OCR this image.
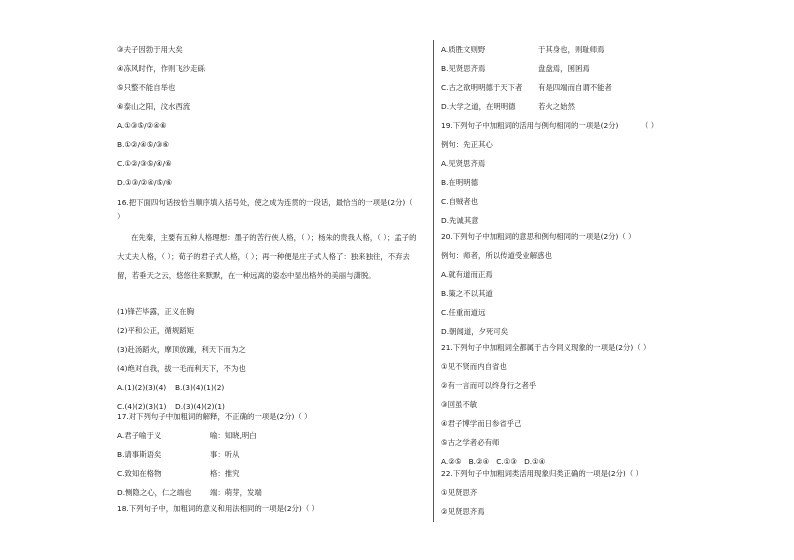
③夫子因勃于用大矣
④冻风时作，作则飞沙走砾
⑤只整不能自举也
⑥泰山之阳，汶水西流
A.①③⑤/②④⑥
B.①②/④⑤/③⑥
C.①②/③⑤/④/⑥
D.①③/②④/⑤/⑥
16.把下面四句话按恰当顺序填入括号处，使之成为连贯的一段话，最恰当的一项是(2分)（ ）
在先秦，主要有五种人格理想：墨子的苦行侠人格，（ ）；杨朱的贵我人格，（ ）；孟子的大丈夫人格，（ ）；荀子的君子式人格，（ ）；再一种便是庄子式人格了：独来独往，不弃去留，若垂天之云，悠悠往来默默，在一种远离的姿态中显出格外的美丽与潇脱。
(1)锋芒毕露，正义在胸
(2)平和公正，循规蹈矩
(3)赴汤蹈火，摩顶放踵，利天下而为之
(4)绝对自我，拔一毛而利天下，不为也
A.(1)(2)(3)(4) B.(3)(4)(1)(2)
C.(4)(2)(3)(1) D.(3)(4)(2)(1)
17.对下列句子中加粗词的解释，不正确的一项是(2分)（ ）
A.君子喻于义	喻：知晓,明白
B.请事斯语矣	事：听从
C.致知在格物	格：推究
D.恻隐之心，仁之端也 端：萌芽，发端
18.下列句子中，加粗词的意义和用法相同的一项是(2分)（ ）
A.质胜文则野	于其身也，则耻师焉
B.见贤思齐焉	盘盘焉，囷囷焉
C.古之欲明明德于天下者 有是四端而自谓不能者
D.大学之道，在明明德	若火之始然
19.下列句子中加粗词的活用与例句相同的一项是(2分)	（ ）
例句：先正其心
A.见贤思齐焉
B.在明明德
C.自贼者也
D.先诚其意
20.下列句子中加粗词的意思和例句相同的一项是(2分)（ ）
例句：师者，所以传道受业解惑也
A.就有道而正焉
B.策之不以其道
C.任重而道远
D.朝闻道，夕死可矣
21.下列句子中加粗词全都属于古今同义现象的一项是(2分)（ ）
①见不贤而内自省也
②有一言而可以终身行之者乎
③回虽不敏
④君子博学而日参省乎己
⑤古之学者必有师
A.②⑤   B.②④   C.①③   D.①④
22.下列句子中加粗词类活用现象归类正确的一项是(2分)（ ）
①见贤思齐
②见贤思齐焉
